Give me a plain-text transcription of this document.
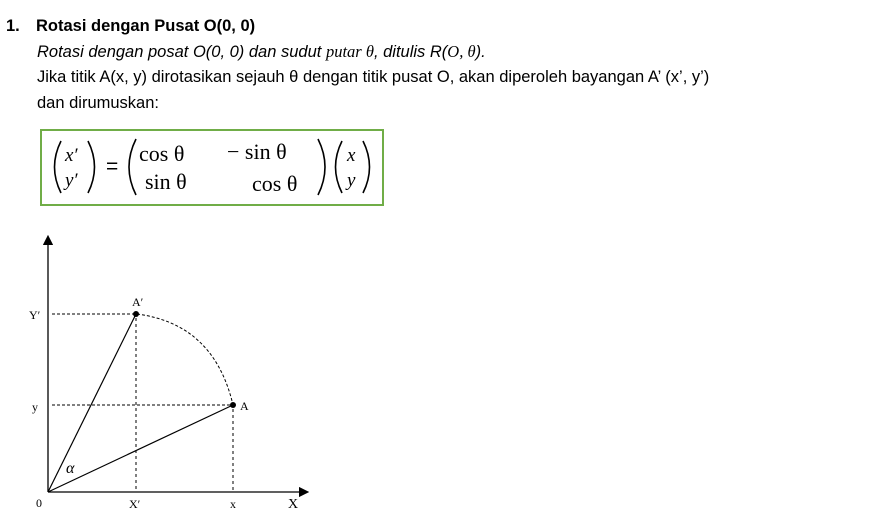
1. Rotasi dengan Pusat O(0, 0)
Rotasi dengan posat O(0, 0) dan sudut putar θ, ditulis R(O, θ).
Jika titik A(x, y) dirotasikan sejauh θ dengan titik pusat O, akan diperoleh bayangan A’ (x’, y’)
dan dirumuskan:
x′
y′
=
cos θ − sin θ
sin θ	cos θ
x
y
0
Y′
y
X′	x	X
A
A′
α
